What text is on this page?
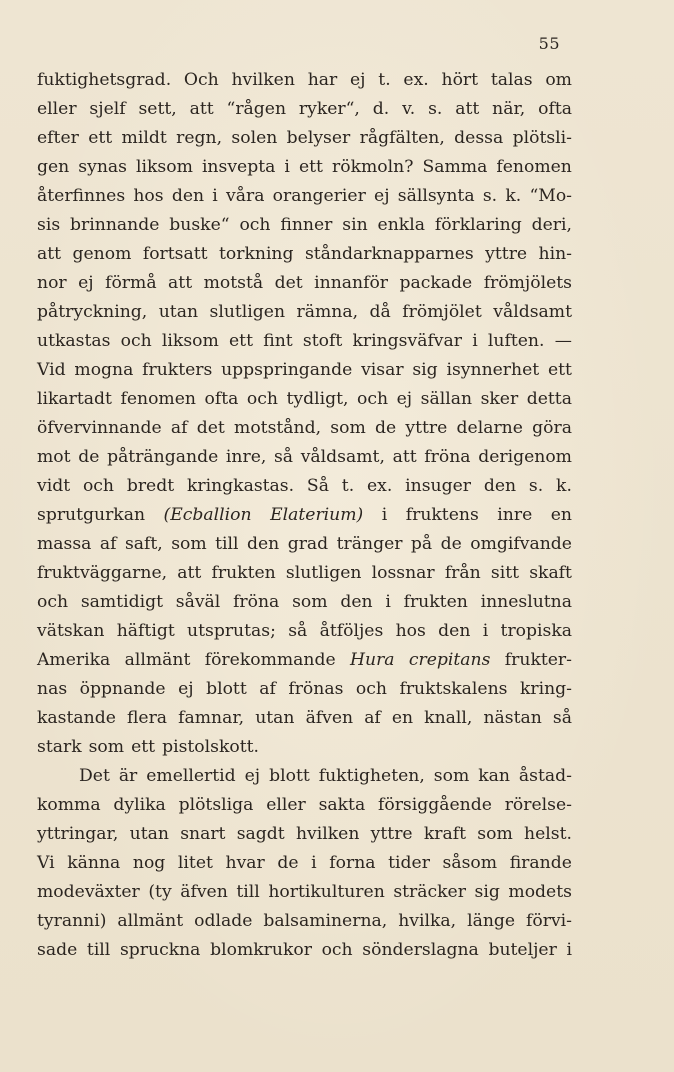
55
fuktighetsgrad. Och hvilken har ej t. ex. hört talas om
eller sjelf sett, att “rågen ryker“, d. v. s. att när, ofta
efter ett mildt regn, solen belyser rågfälten, dessa plötsli-
gen synas liksom insvepta i ett rökmoln? Samma fenomen
återfinnes hos den i våra orangerier ej sällsynta s. k. “Mo-
sis brinnande buske“ och finner sin enkla förklaring deri,
att genom fortsatt torkning ståndarknapparnes yttre hin-
nor ej förmå att motstå det innanför packade frömjölets
påtryckning, utan slutligen rämna, då frömjölet våldsamt
utkastas och liksom ett fint stoft kringsväfvar i luften. —
Vid mogna frukters uppspringande visar sig isynnerhet ett
likartadt fenomen ofta och tydligt, och ej sällan sker detta
öfvervinnande af det motstånd, som de yttre delarne göra
mot de påträngande inre, så våldsamt, att fröna derigenom
vidt och bredt kringkastas. Så t. ex. insuger den s. k.
sprutgurkan (Ecballion Elaterium) i fruktens inre en
massa af saft, som till den grad tränger på de omgifvande
fruktväggarne, att frukten slutligen lossnar från sitt skaft
och samtidigt såväl fröna som den i frukten inneslutna
vätskan häftigt utsprutas; så åtföljes hos den i tropiska
Amerika allmänt förekommande Hura crepitans frukter-
nas öppnande ej blott af frönas och fruktskalens kring-
kastande flera famnar, utan äfven af en knall, nästan så
stark som ett pistolskott.
Det är emellertid ej blott fuktigheten, som kan åstad-
komma dylika plötsliga eller sakta försiggående rörelse-
yttringar, utan snart sagdt hvilken yttre kraft som helst.
Vi känna nog litet hvar de i forna tider såsom firande
modeväxter (ty äfven till hortikulturen sträcker sig modets
tyranni) allmänt odlade balsaminerna, hvilka, länge förvi-
sade till spruckna blomkrukor och sönderslagna buteljer i
